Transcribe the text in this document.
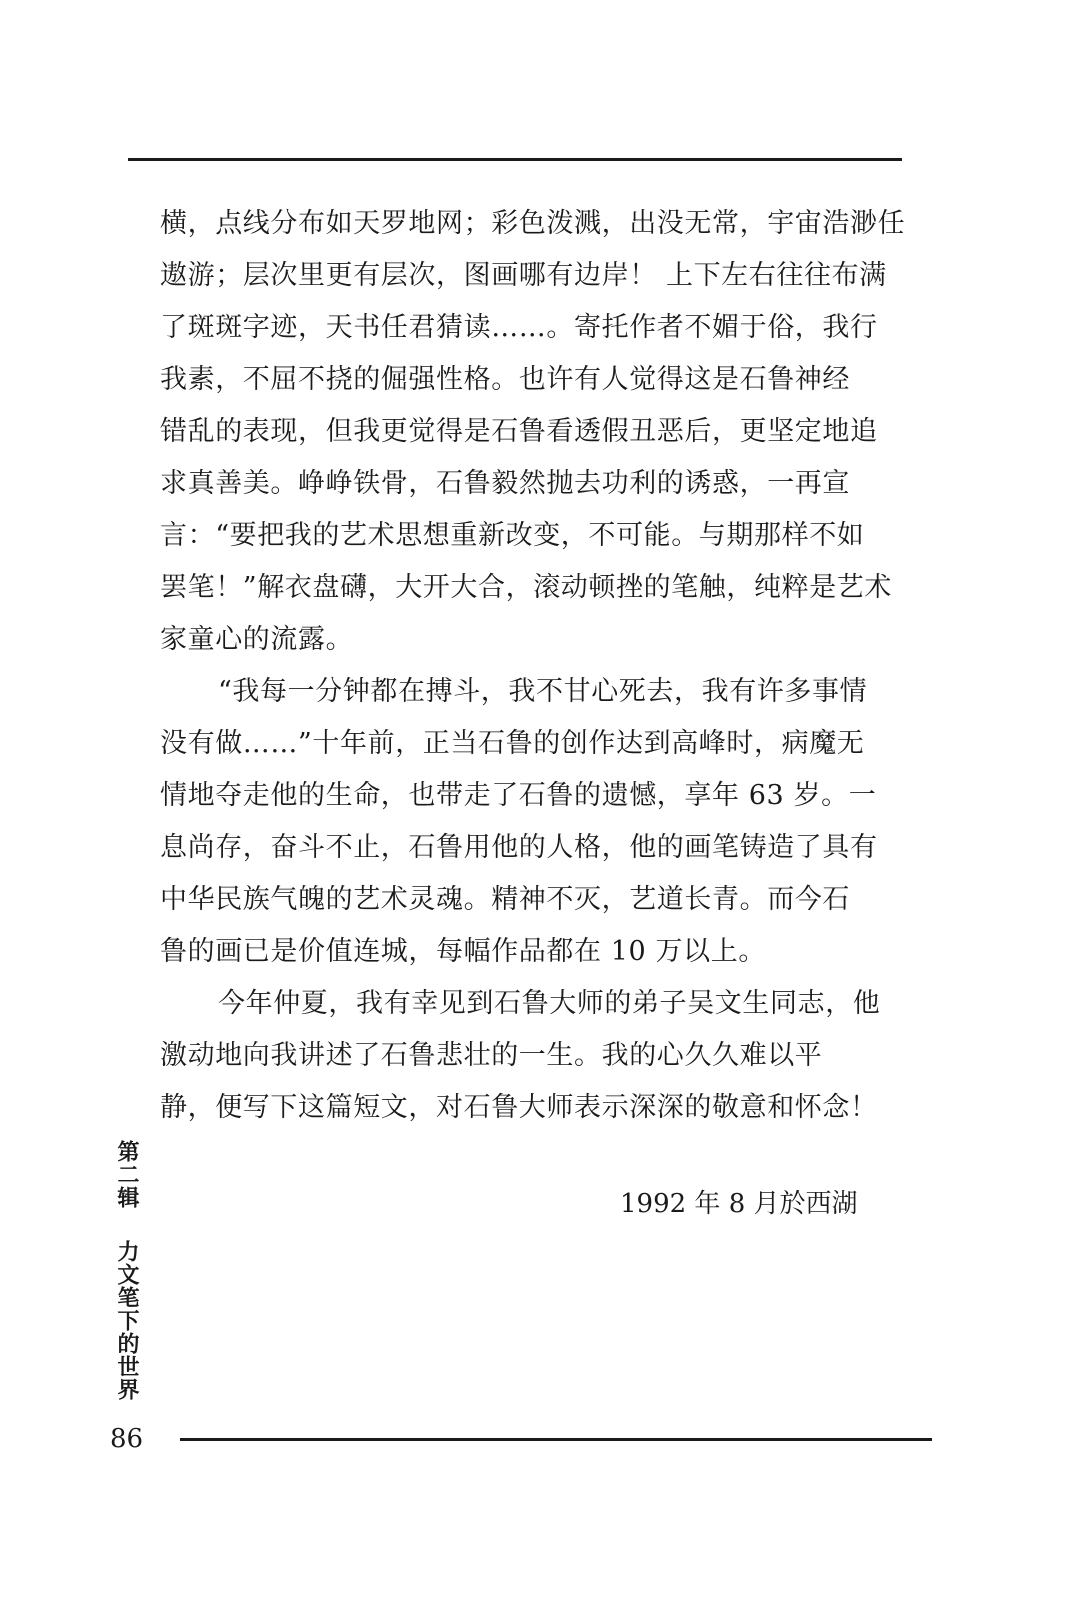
横，点线分布如天罗地网；彩色泼溅，出没无常，宇宙浩渺任
遨游；层次里更有层次，图画哪有边岸！ 上下左右往往布满
了斑斑字迹，天书任君猜读……。寄托作者不媚于俗，我行
我素，不屈不挠的倔强性格。也许有人觉得这是石鲁神经
错乱的表现，但我更觉得是石鲁看透假丑恶后，更坚定地追
求真善美。峥峥铁骨，石鲁毅然抛去功利的诱惑，一再宣
言：“要把我的艺术思想重新改变，不可能。与期那样不如
罢笔！”解衣盘礴，大开大合，滚动顿挫的笔触，纯粹是艺术
家童心的流露。
“我每一分钟都在搏斗，我不甘心死去，我有许多事情
没有做……”十年前，正当石鲁的创作达到高峰时，病魔无
情地夺走他的生命，也带走了石鲁的遗憾，享年 63 岁。一
息尚存，奋斗不止，石鲁用他的人格，他的画笔铸造了具有
中华民族气魄的艺术灵魂。精神不灭，艺道长青。而今石
鲁的画已是价值连城，每幅作品都在 10 万以上。
今年仲夏，我有幸见到石鲁大师的弟子吴文生同志，他
激动地向我讲述了石鲁悲壮的一生。我的心久久难以平
静，便写下这篇短文，对石鲁大师表示深深的敬意和怀念！
1992 年 8 月於西湖
第二辑
力文笔下的世界
86
